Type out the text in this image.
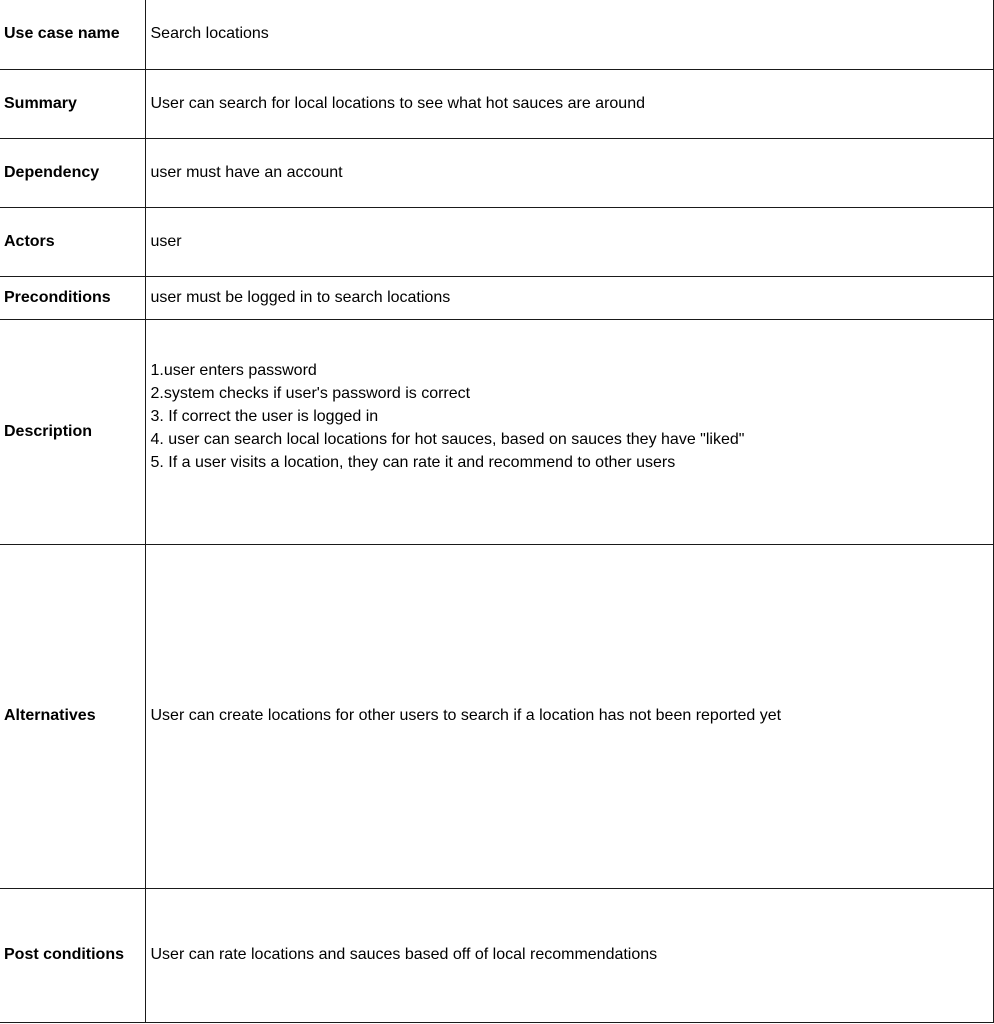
Use case name	Search locations
Summary	User can search for local locations to see what hot sauces are around
Dependency	user must have an account
Actors	user
Preconditions	user must be logged in to search locations
Description	1.user enters password
2.system checks if user's password is correct
3. If correct the user is logged in
4. user can search local locations for hot sauces, based on sauces they have "liked"
5. If a user visits a location, they can rate it and recommend to other users

Alternatives	User can create locations for other users to search if a location has not been reported yet
Post conditions	User can rate locations and sauces based off of local recommendations
